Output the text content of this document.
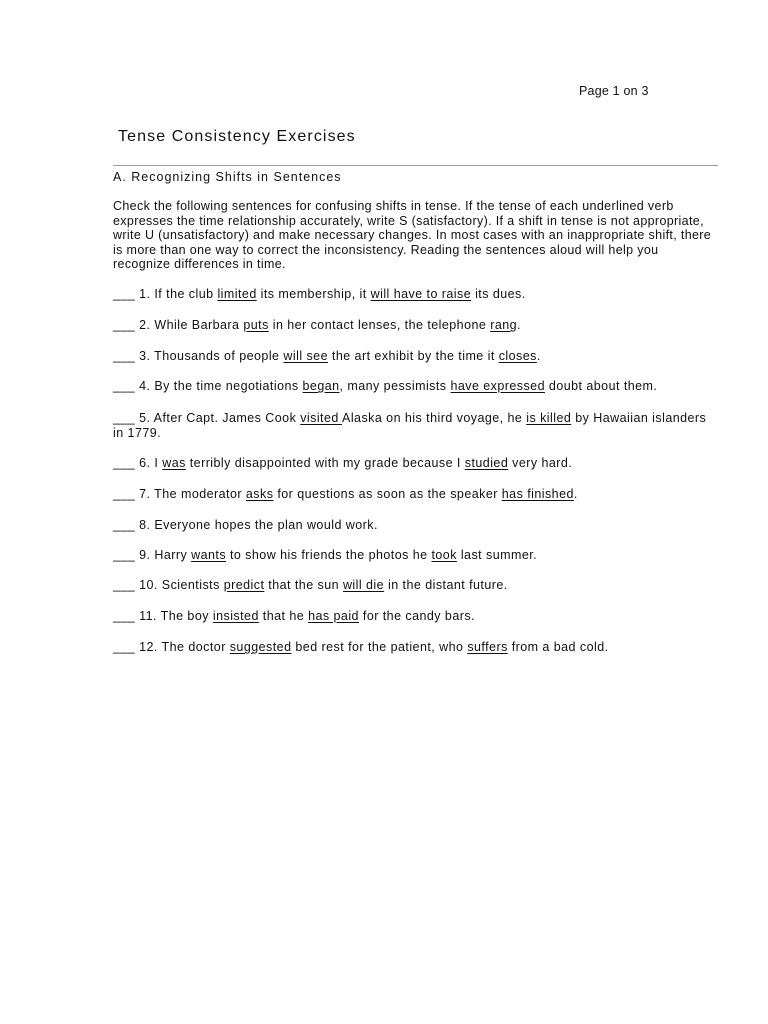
Page 1 on 3
Tense Consistency Exercises
A. Recognizing Shifts in Sentences

Check the following sentences for confusing shifts in tense. If the tense of each underlined verb expresses the time relationship accurately, write S (satisfactory). If a shift in tense is not appropriate, write U (unsatisfactory) and make necessary changes. In most cases with an inappropriate shift, there is more than one way to correct the inconsistency. Reading the sentences aloud will help you recognize differences in time.

___ 1. If the club limited its membership, it will have to raise its dues.
___ 2. While Barbara puts in her contact lenses, the telephone rang.
___ 3. Thousands of people will see the art exhibit by the time it closes.
___ 4. By the time negotiations began, many pessimists have expressed doubt about them.
___ 5. After Capt. James Cook visited Alaska on his third voyage, he is killed by Hawaiian islanders in 1779.
___ 6. I was terribly disappointed with my grade because I studied very hard.
___ 7. The moderator asks for questions as soon as the speaker has finished.
___ 8. Everyone hopes the plan would work.
___ 9. Harry wants to show his friends the photos he took last summer.
___ 10. Scientists predict that the sun will die in the distant future.
___ 11. The boy insisted that he has paid for the candy bars.
___ 12. The doctor suggested bed rest for the patient, who suffers from a bad cold.
